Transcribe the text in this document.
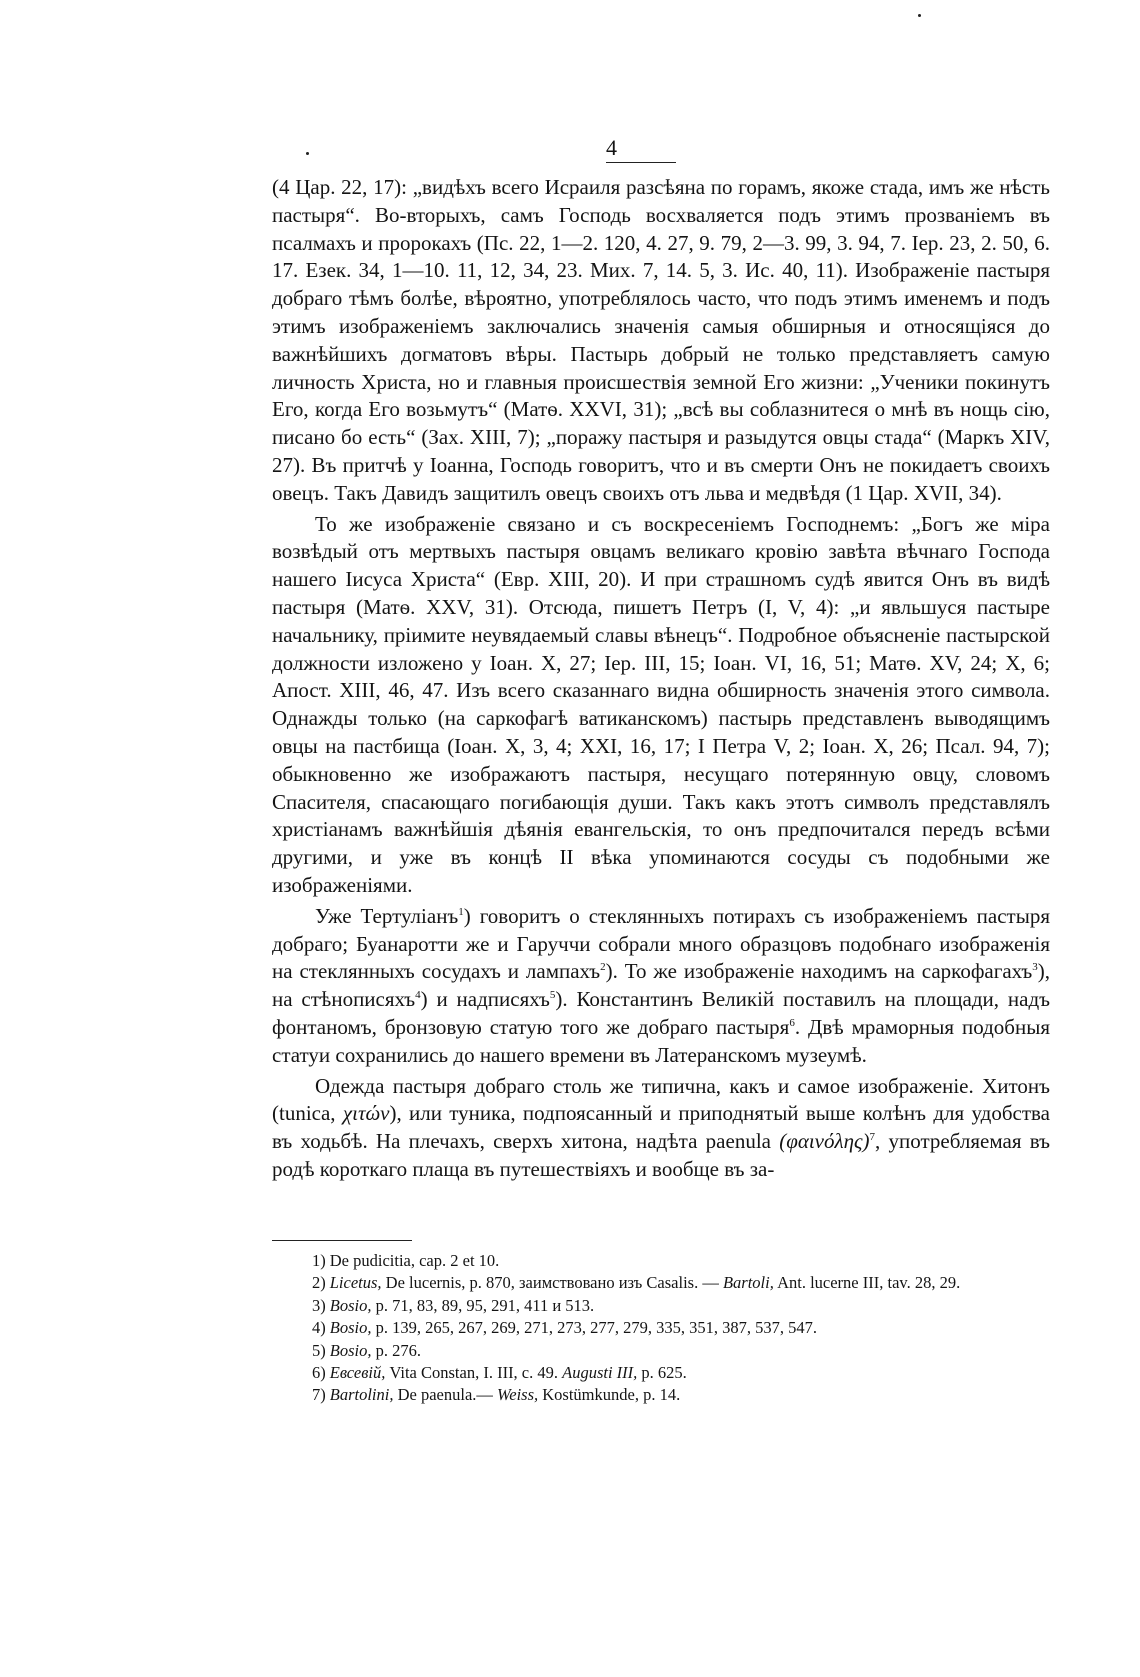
4

(4 Цар. 22, 17): „видѣхъ всего Исраиля разсѣяна по горамъ, якоже стада, имъ же нѣсть пастыря“. Во-вторыхъ, самъ Господь восхваляется подъ этимъ прозваніемъ въ псалмахъ и пророкахъ (Пс. 22, 1—2. 120, 4. 27, 9. 79, 2—3. 99, 3. 94, 7. Іер. 23, 2. 50, 6. 17. Езек. 34, 1—10. 11, 12, 34, 23. Мих. 7, 14. 5, 3. Ис. 40, 11). Изображеніе пастыря добраго тѣмъ болѣе, вѣроятно, употреблялось часто, что подъ этимъ именемъ и подъ этимъ изображеніемъ заключались значенія самыя обширныя и относящіяся до важнѣйшихъ догматовъ вѣры. Пастырь добрый не только представляетъ самую личность Христа, но и главныя происшествія земной Его жизни: „Ученики покинутъ Его, когда Его возьмутъ“ (Матѳ. XXVI, 31); „всѣ вы соблазнитеся о мнѣ въ нощь сію, писано бо есть“ (Зах. XIII, 7); „поражу пастыря и разыдутся овцы стада“ (Маркъ XIV, 27). Въ притчѣ у Іоанна, Господь говоритъ, что и въ смерти Онъ не покидаетъ своихъ овецъ. Такъ Давидъ защитилъ овецъ своихъ отъ льва и медвѣдя (1 Цар. XVII, 34).

То же изображеніе связано и съ воскресеніемъ Господнемъ: „Богъ же міра возвѣдый отъ мертвыхъ пастыря овцамъ великаго кровію завѣта вѣчнаго Господа нашего Іисуса Христа“ (Евр. XIII, 20). И при страшномъ судѣ явится Онъ въ видѣ пастыря (Матѳ. XXV, 31). Отсюда, пишетъ Петръ (I, V, 4): „и явльшуся пастыре начальнику, пріимите неувядаемый славы вѣнецъ“. Подробное объясненіе пастырской должности изложено у Іоан. X, 27; Іер. III, 15; Іоан. VI, 16, 51; Матѳ. XV, 24; X, 6; Апост. XIII, 46, 47. Изъ всего сказаннаго видна обширность значенія этого символа. Однажды только (на саркофагѣ ватиканскомъ) пастырь представленъ выводящимъ овцы на пастбища (Іоан. X, 3, 4; XXI, 16, 17; I Петра V, 2; Іоан. X, 26; Псал. 94, 7); обыкновенно же изображаютъ пастыря, несущаго потерянную овцу, словомъ Спасителя, спасающаго погибающія души. Такъ какъ этотъ символъ представлялъ христіанамъ важнѣйшія дѣянія евангельскія, то онъ предпочитался передъ всѣми другими, и уже въ концѣ II вѣка упоминаются сосуды съ подобными же изображеніями.

Уже Тертуліанъ$^1$) говоритъ о стеклянныхъ потирахъ съ изображеніемъ пастыря добраго; Буанаротти же и Гаруччи собрали много образцовъ подобнаго изображенія на стеклянныхъ сосудахъ и лампахъ$^2$). То же изображеніе находимъ на саркофагахъ$^3$), на стѣнописяхъ$^4$) и надписяхъ$^5$). Константинъ Великій поставилъ на площади, надъ фонтаномъ, бронзовую статую того же добраго пастыря$^6$. Двѣ мраморныя подобныя статуи сохранились до нашего времени въ Латеранскомъ музеумѣ.

Одежда пастыря добраго столь же типична, какъ и самое изображеніе. Хитонъ (tunica, χιτών), или туника, подпоясанный и приподнятый выше колѣнъ для удобства въ ходьбѣ. На плечахъ, сверхъ хитона, надѣта paenula $(\varphi\alpha\iota\nu ό\lambda\eta\varsigma)^7$, употребляемая въ родѣ короткаго плаща въ путешествіяхъ и вообще въ за-

1) De pudicitia, cap. 2 et 10.

2) Licetus, De lucernis, p. 870, заимствовано изъ Casalis. — Bartoli, Ant. lucerne III, tav. 28, 29.

3) Bosio, p. 71, 83, 89, 95, 291, 411 и 513.

4) Bosio, p. 139, 265, 267, 269, 271, 273, 277, 279, 335, 351, 387, 537, 547.

5) Bosio, p. 276.

6) Евсевій, Vita Constan, I. III, c. 49. Augusti III, p. 625.

7) Bartolini, De paenula.— Weiss, Kostümkunde, p. 14.
